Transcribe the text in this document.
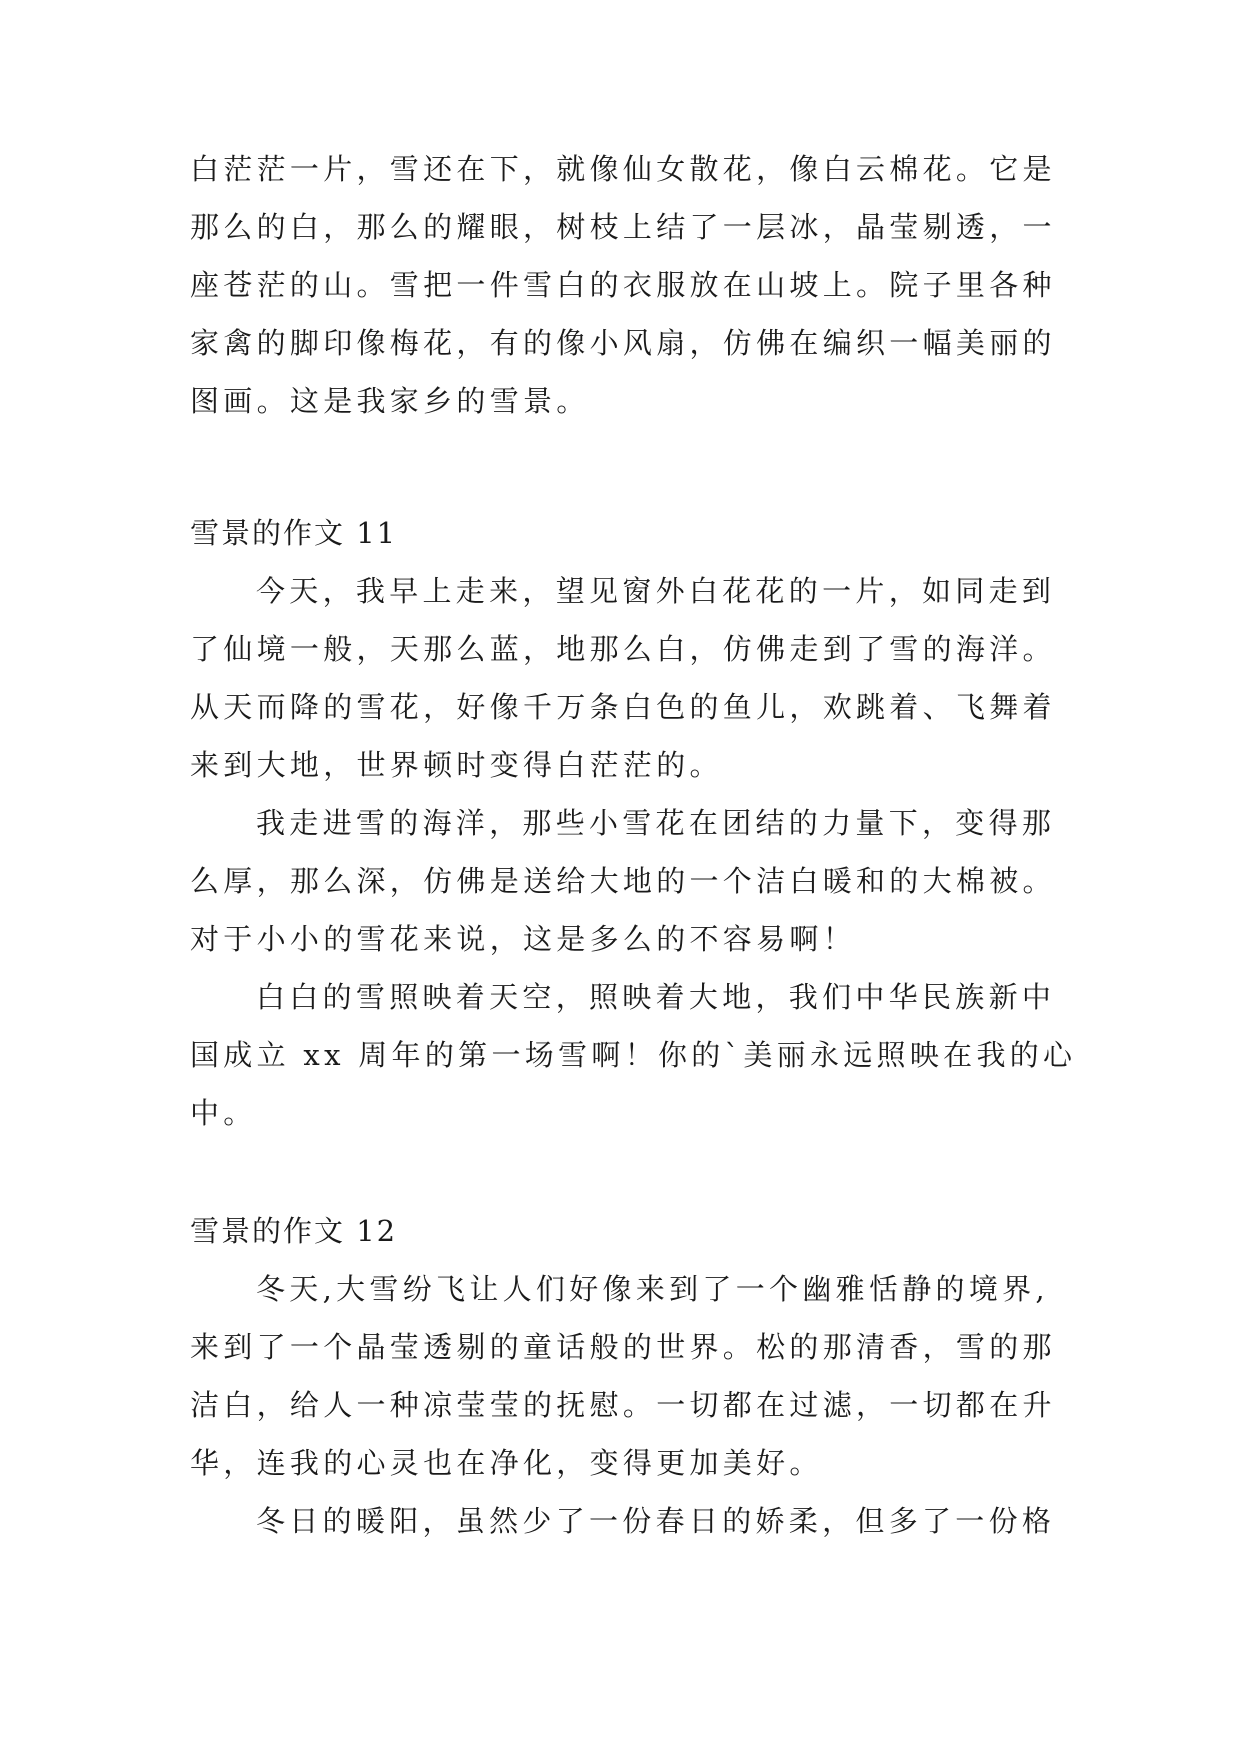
白茫茫一片，雪还在下，就像仙女散花，像白云棉花。它是
那么的白，那么的耀眼，树枝上结了一层冰，晶莹剔透，一
座苍茫的山。雪把一件雪白的衣服放在山坡上。院子里各种
家禽的脚印像梅花，有的像小风扇，仿佛在编织一幅美丽的
图画。这是我家乡的雪景。
雪景的作文 11
今天，我早上走来，望见窗外白花花的一片，如同走到
了仙境一般，天那么蓝，地那么白，仿佛走到了雪的海洋。
从天而降的雪花，好像千万条白色的鱼儿，欢跳着、飞舞着
来到大地，世界顿时变得白茫茫的。
我走进雪的海洋，那些小雪花在团结的力量下，变得那
么厚，那么深，仿佛是送给大地的一个洁白暖和的大棉被。
对于小小的雪花来说，这是多么的不容易啊！
白白的雪照映着天空，照映着大地，我们中华民族新中
国成立 xx 周年的第一场雪啊！你的`美丽永远照映在我的心
中。
雪景的作文 12
冬天,大雪纷飞让人们好像来到了一个幽雅恬静的境界,
来到了一个晶莹透剔的童话般的世界。松的那清香，雪的那
洁白，给人一种凉莹莹的抚慰。一切都在过滤，一切都在升
华，连我的心灵也在净化，变得更加美好。
冬日的暖阳，虽然少了一份春日的娇柔，但多了一份格
